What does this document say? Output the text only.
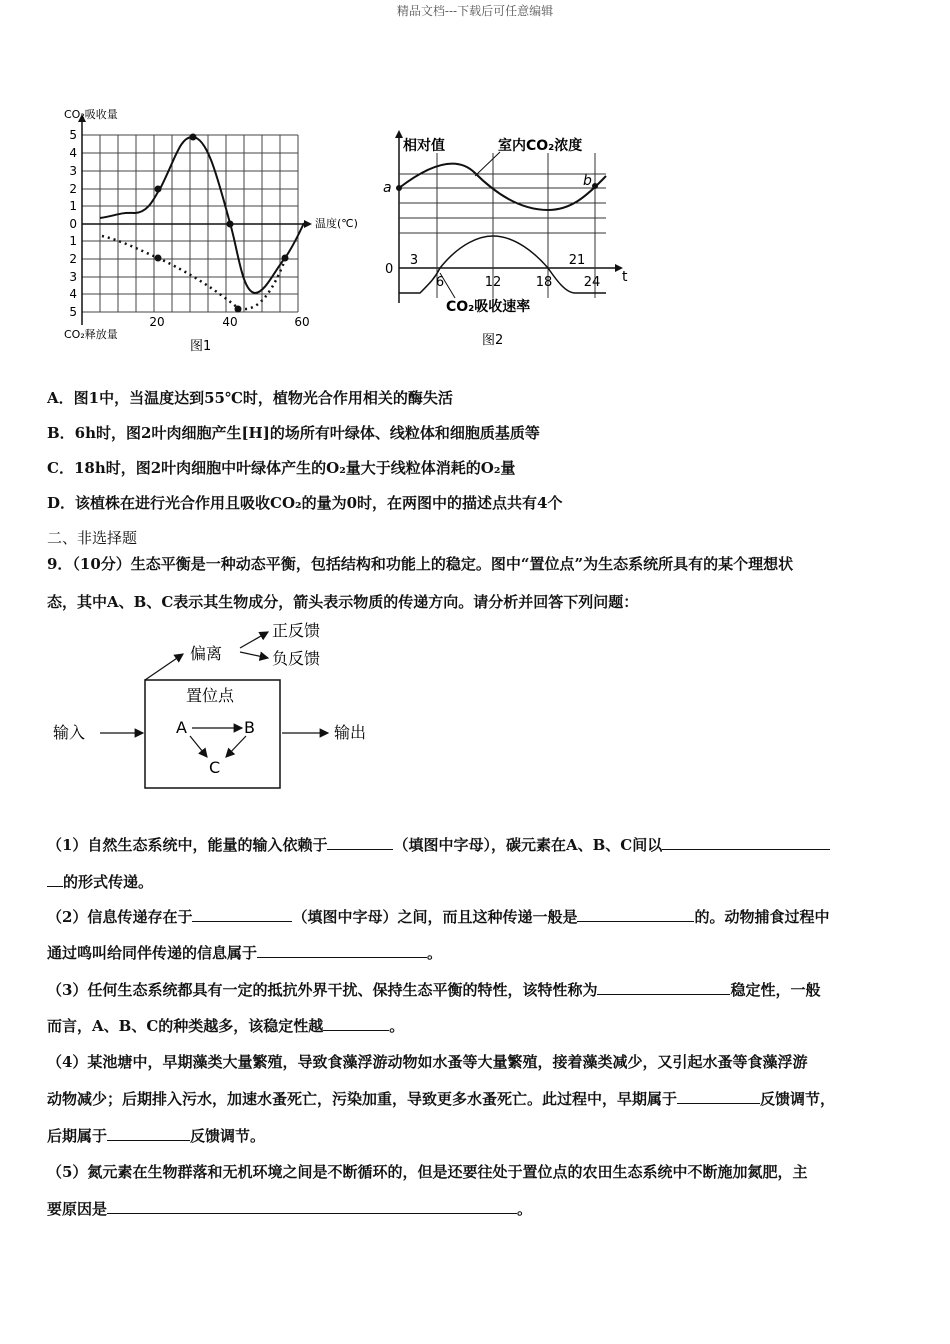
精品文档---下载后可任意编辑
CO₂吸收量
CO₂释放量
温度(℃)
5
4
3
2
1
0
1
2
3
4
5
20	40	60
图1
相对值	室内CO₂浓度
a	b
0
3
6	12	18
21
24 t
CO₂吸收速率
图2
A．图1中，当温度达到55℃时，植物光合作用相关的酶失活
B．6h时，图2叶肉细胞产生[H]的场所有叶绿体、线粒体和细胞质基质等
C．18h时，图2叶肉细胞中叶绿体产生的O₂量大于线粒体消耗的O₂量
D．该植株在进行光合作用且吸收CO₂的量为0时，在两图中的描述点共有4个
二、非选择题
9．（10分）生态平衡是一种动态平衡，包括结构和功能上的稳定。图中“置位点”为生态系统所具有的某个理想状
态，其中A、B、C表示其生物成分，箭头表示物质的传递方向。请分析并回答下列问题：
偏离
正反馈
负反馈
置位点
A	B
C
输入	输出
（1）自然生态系统中，能量的输入依赖于	（填图中字母），碳元素在A、B、C间以
的形式传递。
（2）信息传递存在于	（填图中字母）之间，而且这种传递一般是	的。动物捕食过程中
通过鸣叫给同伴传递的信息属于	。
（3）任何生态系统都具有一定的抵抗外界干扰、保持生态平衡的特性，该特性称为	稳定性，一般
而言，A、B、C的种类越多，该稳定性越	。
（4）某池塘中，早期藻类大量繁殖，导致食藻浮游动物如水蚤等大量繁殖，接着藻类减少，又引起水蚤等食藻浮游
动物减少；后期排入污水，加速水蚤死亡，污染加重，导致更多水蚤死亡。此过程中，早期属于	反馈调节，
后期属于	反馈调节。
（5）氮元素在生物群落和无机环境之间是不断循环的，但是还要往处于置位点的农田生态系统中不断施加氮肥，主
要原因是	。
